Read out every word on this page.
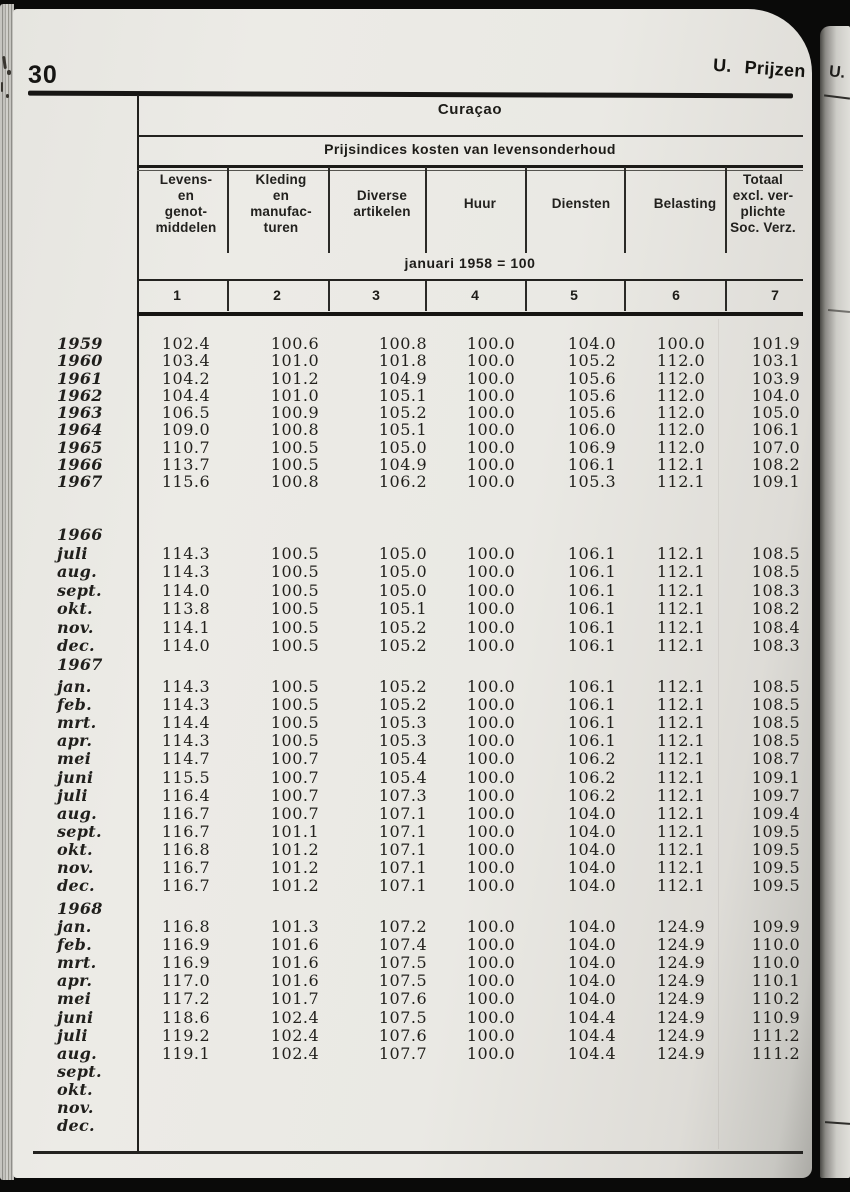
30	U. Prijzen
Curaçao
Prijsindices kosten van levensonderhoud
Levens-
en
genot-
middelen
Kleding
en
manufac-
turen
Diverse
artikelen
Huur	Diensten	Belasting
Totaal
excl. ver-
plichte
Soc. Verz.
januari 1958 = 100
1	2	3	4	5	6	7
1959	102.4	100.6	100.8	100.0	104.0	100.0	101.9
1960	103.4	101.0	101.8	100.0	105.2	112.0	103.1
1961	104.2	101.2	104.9	100.0	105.6	112.0	103.9
1962	104.4	101.0	105.1	100.0	105.6	112.0	104.0
1963	106.5	100.9	105.2	100.0	105.6	112.0	105.0
1964	109.0	100.8	105.1	100.0	106.0	112.0	106.1
1965	110.7	100.5	105.0	100.0	106.9	112.0	107.0
1966	113.7	100.5	104.9	100.0	106.1	112.1	108.2
1967	115.6	100.8	106.2	100.0	105.3	112.1	109.1
1966
juli	114.3	100.5	105.0	100.0	106.1	112.1	108.5
aug.	114.3	100.5	105.0	100.0	106.1	112.1	108.5
sept.	114.0	100.5	105.0	100.0	106.1	112.1	108.3
okt.	113.8	100.5	105.1	100.0	106.1	112.1	108.2
nov.	114.1	100.5	105.2	100.0	106.1	112.1	108.4
dec.	114.0	100.5	105.2	100.0	106.1	112.1	108.3
1967
jan.	114.3	100.5	105.2	100.0	106.1	112.1	108.5
feb.	114.3	100.5	105.2	100.0	106.1	112.1	108.5
mrt.	114.4	100.5	105.3	100.0	106.1	112.1	108.5
apr.	114.3	100.5	105.3	100.0	106.1	112.1	108.5
mei	114.7	100.7	105.4	100.0	106.2	112.1	108.7
juni	115.5	100.7	105.4	100.0	106.2	112.1	109.1
juli	116.4	100.7	107.3	100.0	106.2	112.1	109.7
aug.	116.7	100.7	107.1	100.0	104.0	112.1	109.4
sept.	116.7	101.1	107.1	100.0	104.0	112.1	109.5
okt.	116.8	101.2	107.1	100.0	104.0	112.1	109.5
nov.	116.7	101.2	107.1	100.0	104.0	112.1	109.5
dec.	116.7	101.2	107.1	100.0	104.0	112.1	109.5
1968
jan.	116.8	101.3	107.2	100.0	104.0	124.9	109.9
feb.	116.9	101.6	107.4	100.0	104.0	124.9	110.0
mrt.	116.9	101.6	107.5	100.0	104.0	124.9	110.0
apr.	117.0	101.6	107.5	100.0	104.0	124.9	110.1
mei	117.2	101.7	107.6	100.0	104.0	124.9	110.2
juni	118.6	102.4	107.5	100.0	104.4	124.9	110.9
juli	119.2	102.4	107.6	100.0	104.4	124.9	111.2
aug.	119.1	102.4	107.7	100.0	104.4	124.9	111.2
sept.
okt.
nov.
dec.
U.
